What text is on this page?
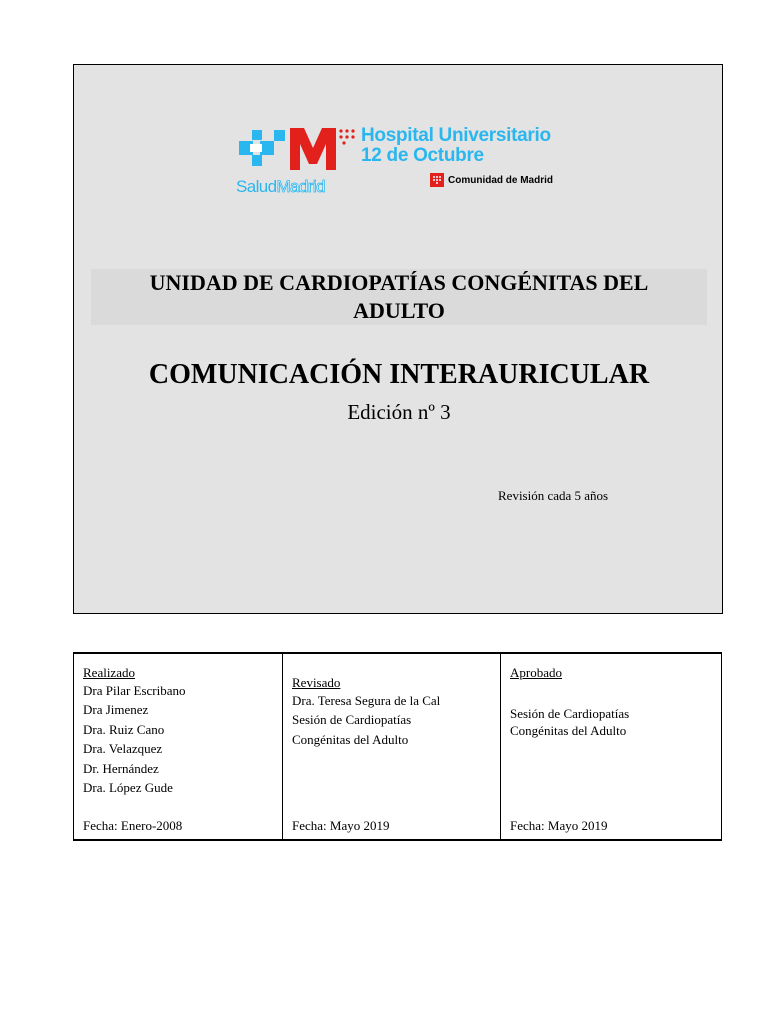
Hospital Universitario
12 de Octubre
SaludMadrid	Comunidad de Madrid
UNIDAD DE CARDIOPATÍAS CONGÉNITAS DEL
ADULTO
COMUNICACIÓN INTERAURICULAR
Edición nº 3
Revisión cada 5 años
Realizado
Dra Pilar Escribano
Dra Jimenez
Dra. Ruiz Cano
Dra. Velazquez
Dr. Hernández
Dra. López Gude
Fecha: Enero-2008

Revisado
Dra. Teresa Segura de la Cal
Sesión de Cardiopatías
Congénitas del Adulto
Fecha: Mayo 2019

Aprobado
Sesión de Cardiopatías
Congénitas del Adulto
Fecha: Mayo 2019
